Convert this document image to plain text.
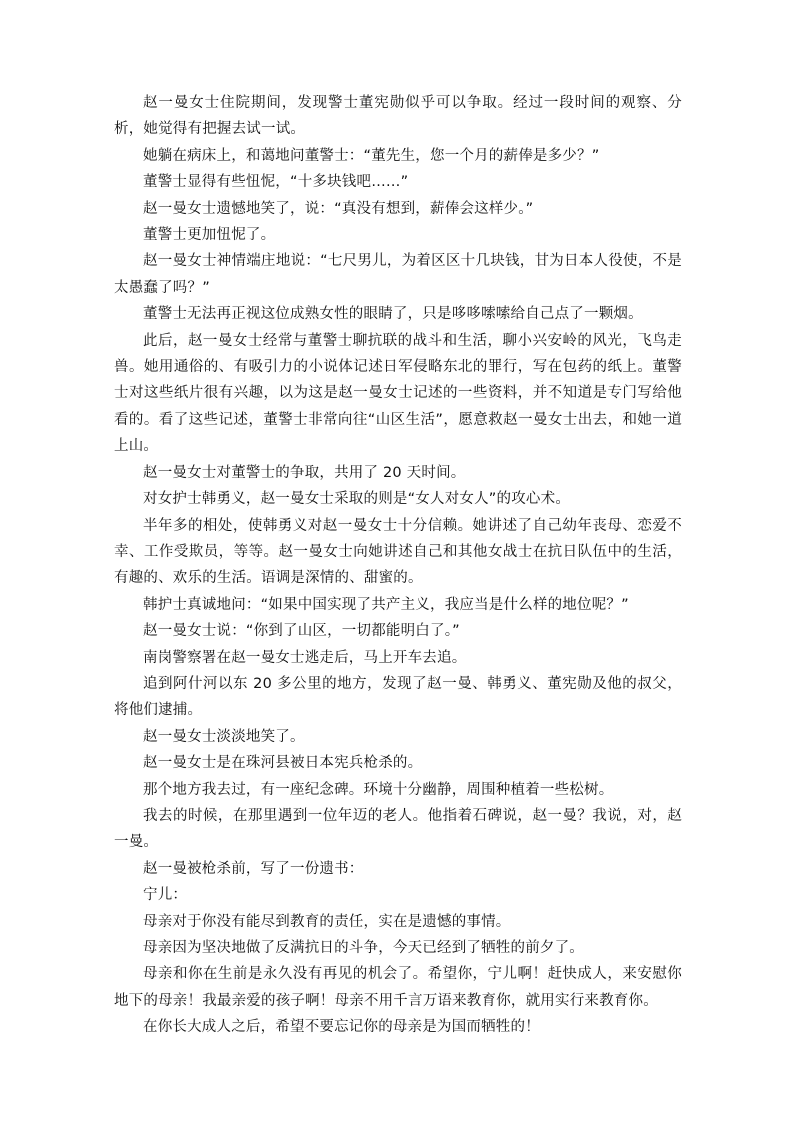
赵一曼女士住院期间，发现警士董宪勋似乎可以争取。经过一段时间的观察、分析，她觉得有把握去试一试。

她躺在病床上，和蔼地问董警士：“董先生，您一个月的薪俸是多少？”

董警士显得有些忸怩，“十多块钱吧……”

赵一曼女士遗憾地笑了，说：“真没有想到，薪俸会这样少。”

董警士更加忸怩了。

赵一曼女士神情端庄地说：“七尺男儿，为着区区十几块钱，甘为日本人役使，不是太愚蠢了吗？”

董警士无法再正视这位成熟女性的眼睛了，只是哆哆嗦嗦给自己点了一颗烟。

此后，赵一曼女士经常与董警士聊抗联的战斗和生活，聊小兴安岭的风光，飞鸟走兽。她用通俗的、有吸引力的小说体记述日军侵略东北的罪行，写在包药的纸上。董警士对这些纸片很有兴趣，以为这是赵一曼女士记述的一些资料，并不知道是专门写给他看的。看了这些记述，董警士非常向往“山区生活”，愿意救赵一曼女士出去，和她一道上山。

赵一曼女士对董警士的争取，共用了 20 天时间。

对女护士韩勇义，赵一曼女士采取的则是“女人对女人”的攻心术。

半年多的相处，使韩勇义对赵一曼女士十分信赖。她讲述了自己幼年丧母、恋爱不幸、工作受欺员，等等。赵一曼女士向她讲述自己和其他女战士在抗日队伍中的生活，有趣的、欢乐的生活。语调是深情的、甜蜜的。

韩护士真诚地问：“如果中国实现了共产主义，我应当是什么样的地位呢？”

赵一曼女士说：“你到了山区，一切都能明白了。”

南岗警察署在赵一曼女士逃走后，马上开车去追。

追到阿什河以东 20 多公里的地方，发现了赵一曼、韩勇义、董宪勋及他的叔父，将他们逮捕。

赵一曼女士淡淡地笑了。

赵一曼女士是在珠河县被日本宪兵枪杀的。

那个地方我去过，有一座纪念碑。环境十分幽静，周围种植着一些松树。

我去的时候，在那里遇到一位年迈的老人。他指着石碑说，赵一曼？我说，对，赵一曼。

赵一曼被枪杀前，写了一份遗书：

宁儿：

母亲对于你没有能尽到教育的责任，实在是遗憾的事情。

母亲因为坚决地做了反满抗日的斗争，今天已经到了牺牲的前夕了。

母亲和你在生前是永久没有再见的机会了。希望你，宁儿啊！赶快成人，来安慰你地下的母亲！我最亲爱的孩子啊！母亲不用千言万语来教育你，就用实行来教育你。

在你长大成人之后，希望不要忘记你的母亲是为国而牺牲的！
